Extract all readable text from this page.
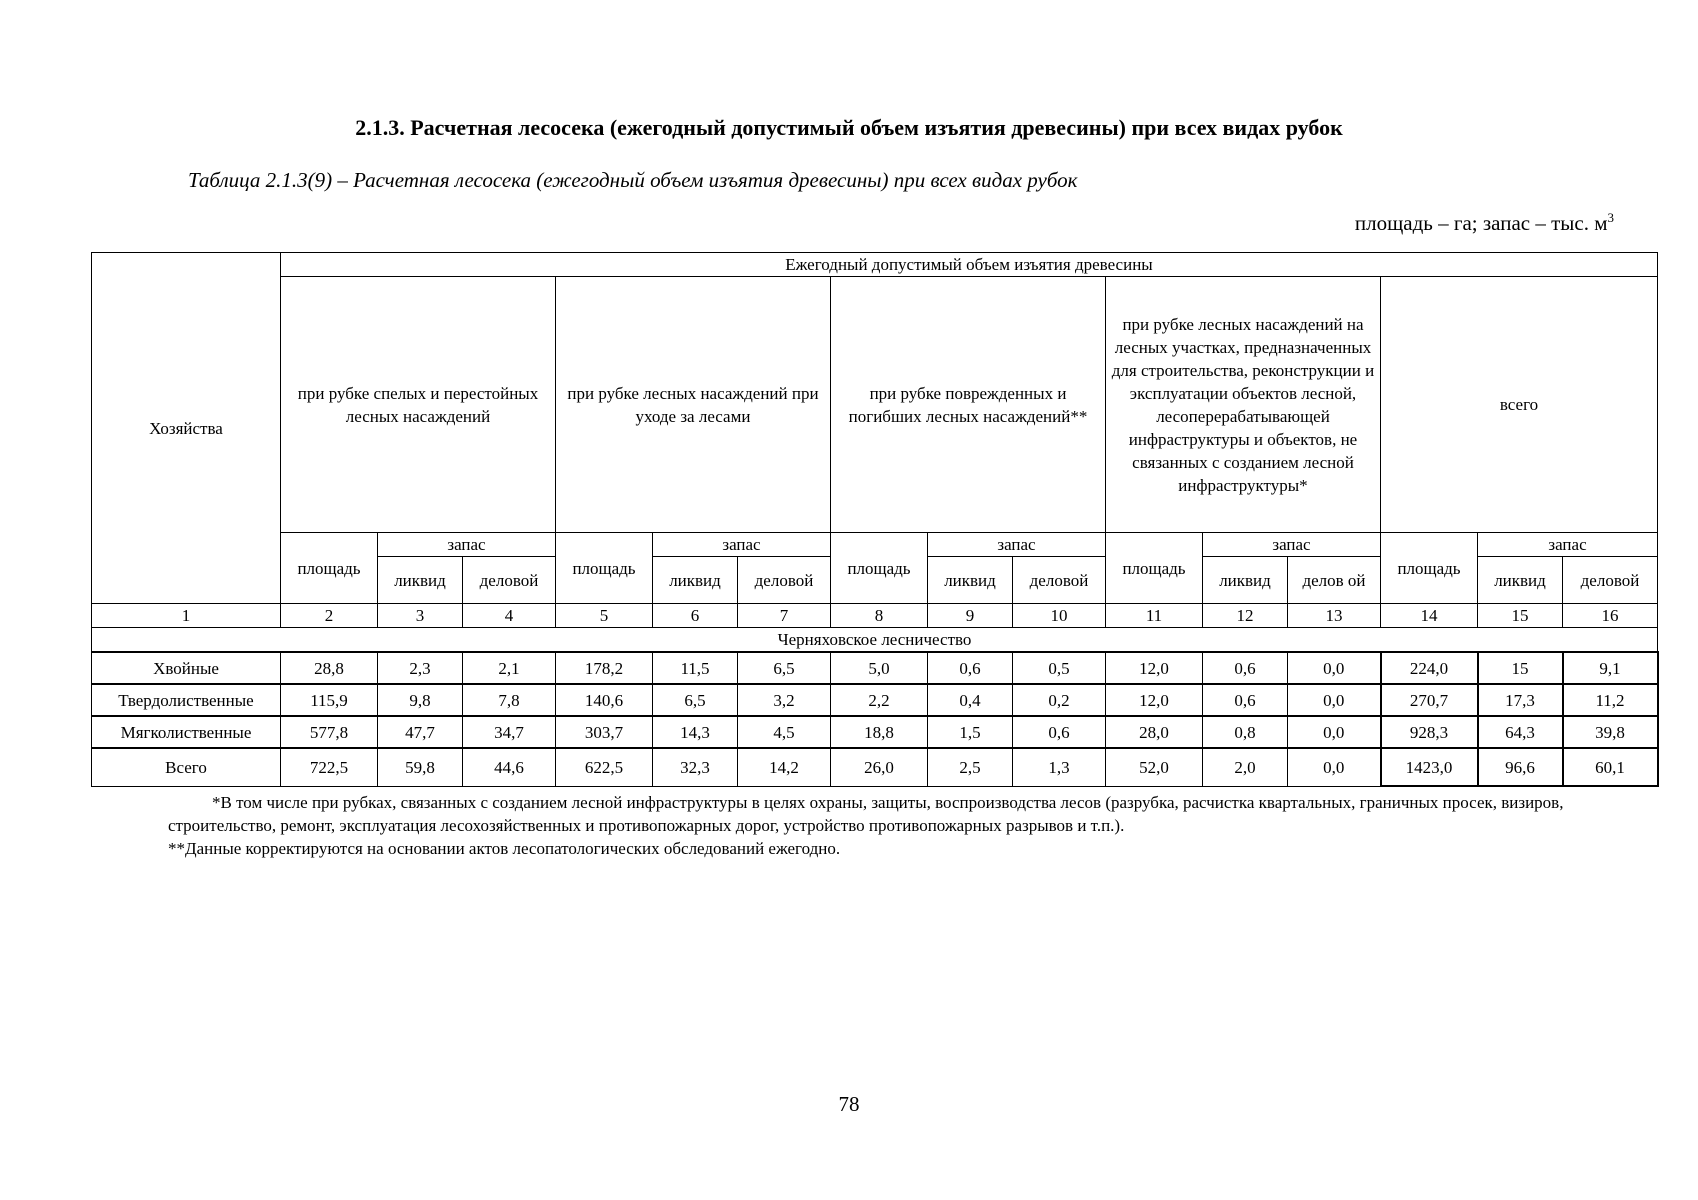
2.1.3. Расчетная лесосека (ежегодный допустимый объем изъятия древесины) при всех видах рубок
Таблица 2.1.3(9) – Расчетная лесосека (ежегодный объем изъятия древесины) при всех видах рубок
площадь – га; запас – тыс. $м^3$
Хозяйства	Ежегодный допустимый объем изъятия древесины														
	при рубке спелых и перестойных лесных насаждений			при рубке лесных насаждений при уходе за лесами			при рубке поврежденных и погибших лесных насаждений**			при рубке лесных насаждений на лесных участках, предназначенных для строительства, реконструкции и эксплуатации объектов лесной, лесоперерабатывающей инфраструктуры и объектов, не связанных с созданием лесной инфраструктуры*			всего		
	площадь	запас		площадь	запас		площадь	запас		площадь	запас		площадь	запас	
		ликвид	деловой		ликвид	деловой		ликвид	деловой		ликвид	делов ой		ликвид	деловой
1	2	3	4	5	6	7	8	9	10	11	12	13	14	15	16
Черняховское лесничество															
Хвойные	28,8	2,3	2,1	178,2	11,5	6,5	5,0	0,6	0,5	12,0	0,6	0,0	224,0	15	9,1
Твердолиственные	115,9	9,8	7,8	140,6	6,5	3,2	2,2	0,4	0,2	12,0	0,6	0,0	270,7	17,3	11,2
Мягколиственные	577,8	47,7	34,7	303,7	14,3	4,5	18,8	1,5	0,6	28,0	0,8	0,0	928,3	64,3	39,8
Всего	722,5	59,8	44,6	622,5	32,3	14,2	26,0	2,5	1,3	52,0	2,0	0,0	1423,0	96,6	60,1
*В том числе при рубках, связанных с созданием лесной инфраструктуры в целях охраны, защиты, воспроизводства лесов (разрубка, расчистка квартальных, граничных просек, визиров, строительство, ремонт, эксплуатация лесохозяйственных и противопожарных дорог, устройство противопожарных разрывов и т.п.).
**Данные корректируются на основании актов лесопатологических обследований ежегодно.
78
